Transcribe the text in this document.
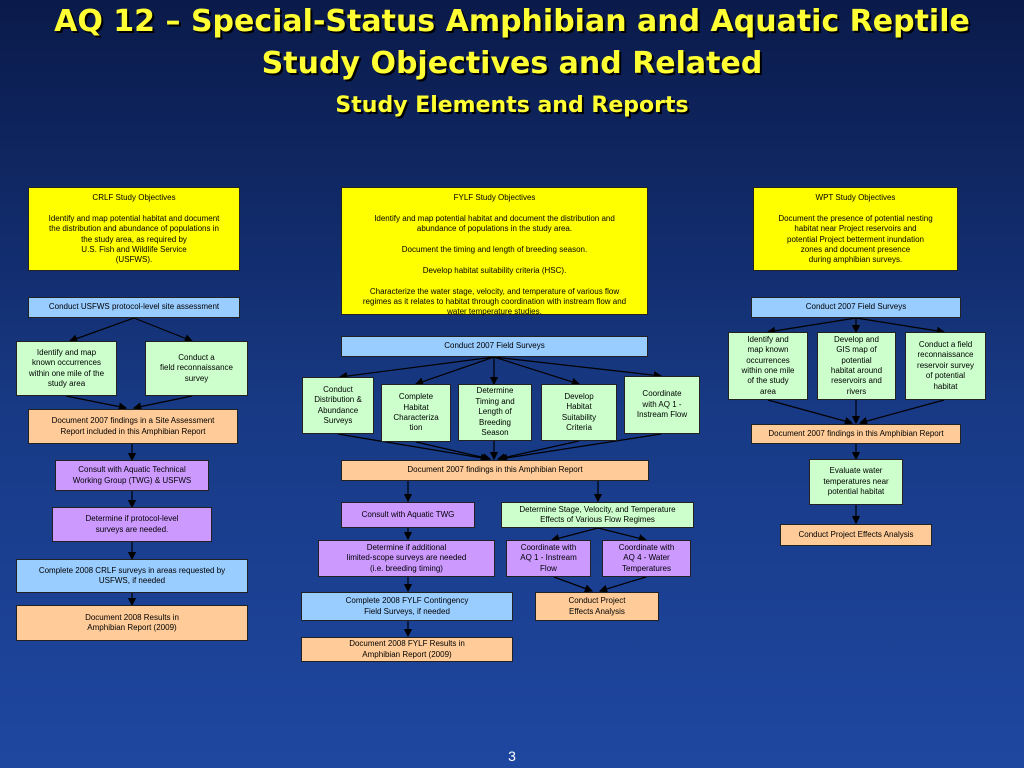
AQ 12 – Special-Status Amphibian and Aquatic Reptile
Study Objectives and Related
Study Elements and Reports
CRLF Study Objectives

Identify and map potential habitat and document
the distribution and abundance of populations in
the study area, as required by
U.S. Fish and Wildlife Service
(USFWS).
Conduct USFWS protocol-level site assessment
Identify and map
known occurrences
within one mile of the
study area
Conduct a
field reconnaissance
survey
Document 2007 findings in a Site Assessment
Report included in this Amphibian Report
Consult with Aquatic Technical
Working Group (TWG) & USFWS
Determine if protocol-level
surveys are needed.
Complete 2008 CRLF surveys in areas requested by
USFWS, if needed
Document 2008 Results in
Amphibian Report (2009)
FYLF Study Objectives

Identify and map potential habitat and document the distribution and
abundance of populations in the study area.

Document the timing and length of breeding season.

Develop habitat suitability criteria (HSC).

Characterize the water stage, velocity, and temperature of various flow
regimes as it relates to habitat through coordination with instream flow and
water temperature studies.
Conduct 2007 Field Surveys
Conduct
Distribution &
Abundance
Surveys
Complete
Habitat
Characteriza
tion
Determine
Timing and
Length of
Breeding
Season
Develop
Habitat
Suitability
Criteria
Coordinate
with AQ 1 -
Instream Flow
Document 2007 findings in this Amphibian Report
Consult with Aquatic TWG
Determine Stage, Velocity, and Temperature
Effects of Various Flow Regimes
Determine if additional
limited-scope surveys are needed
(i.e. breeding timing)
Coordinate with
AQ 1 - Instream
Flow
Coordinate with
AQ 4 - Water
Temperatures
Complete 2008 FYLF Contingency
Field Surveys, if needed
Conduct Project
Effects Analysis
Document 2008 FYLF Results in
Amphibian Report (2009)
WPT Study Objectives

Document the presence of potential nesting
habitat near Project reservoirs and
potential Project betterment inundation
zones and document presence
during amphibian surveys.
Conduct 2007 Field Surveys
Identify and
map known
occurrences
within one mile
of the study
area
Develop and
GIS map of
potential
habitat around
reservoirs and
rivers
Conduct a field
reconnaissance
reservoir survey
of potential
habitat
Document 2007 findings in this Amphibian Report
Evaluate water
temperatures near
potential habitat
Conduct Project Effects Analysis
3
